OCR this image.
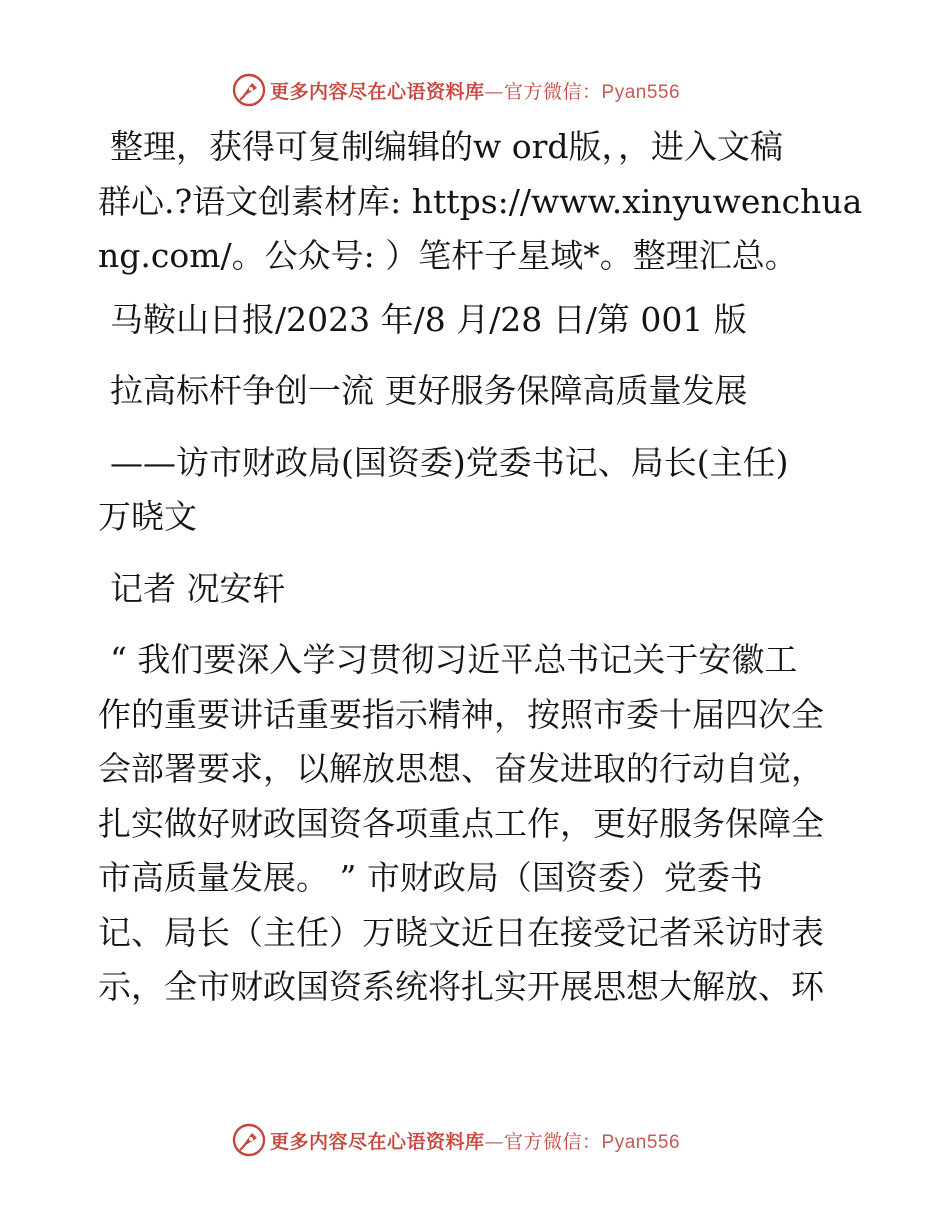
更多内容尽在心语资料库—官方微信：Pyan556
整理，获得可复制编辑的w ord版，，进入文稿
群心.?语文创素材库: https://www.xinyuwenchua
ng.com/。公众号: ）笔杆子星域*。整理汇总。
马鞍山日报/2023 年/8 月/28 日/第 001 版
拉高标杆争创一流 更好服务保障高质量发展
——访市财政局(国资委)党委书记、局长(主任)
万晓文
记者 况安轩
“ 我们要深入学习贯彻习近平总书记关于安徽工
作的重要讲话重要指示精神，按照市委十届四次全
会部署要求，以解放思想、奋发进取的行动自觉，
扎实做好财政国资各项重点工作，更好服务保障全
市高质量发展。 ” 市财政局（国资委）党委书
记、局长（主任）万晓文近日在接受记者采访时表
示，全市财政国资系统将扎实开展思想大解放、环
更多内容尽在心语资料库—官方微信：Pyan556
